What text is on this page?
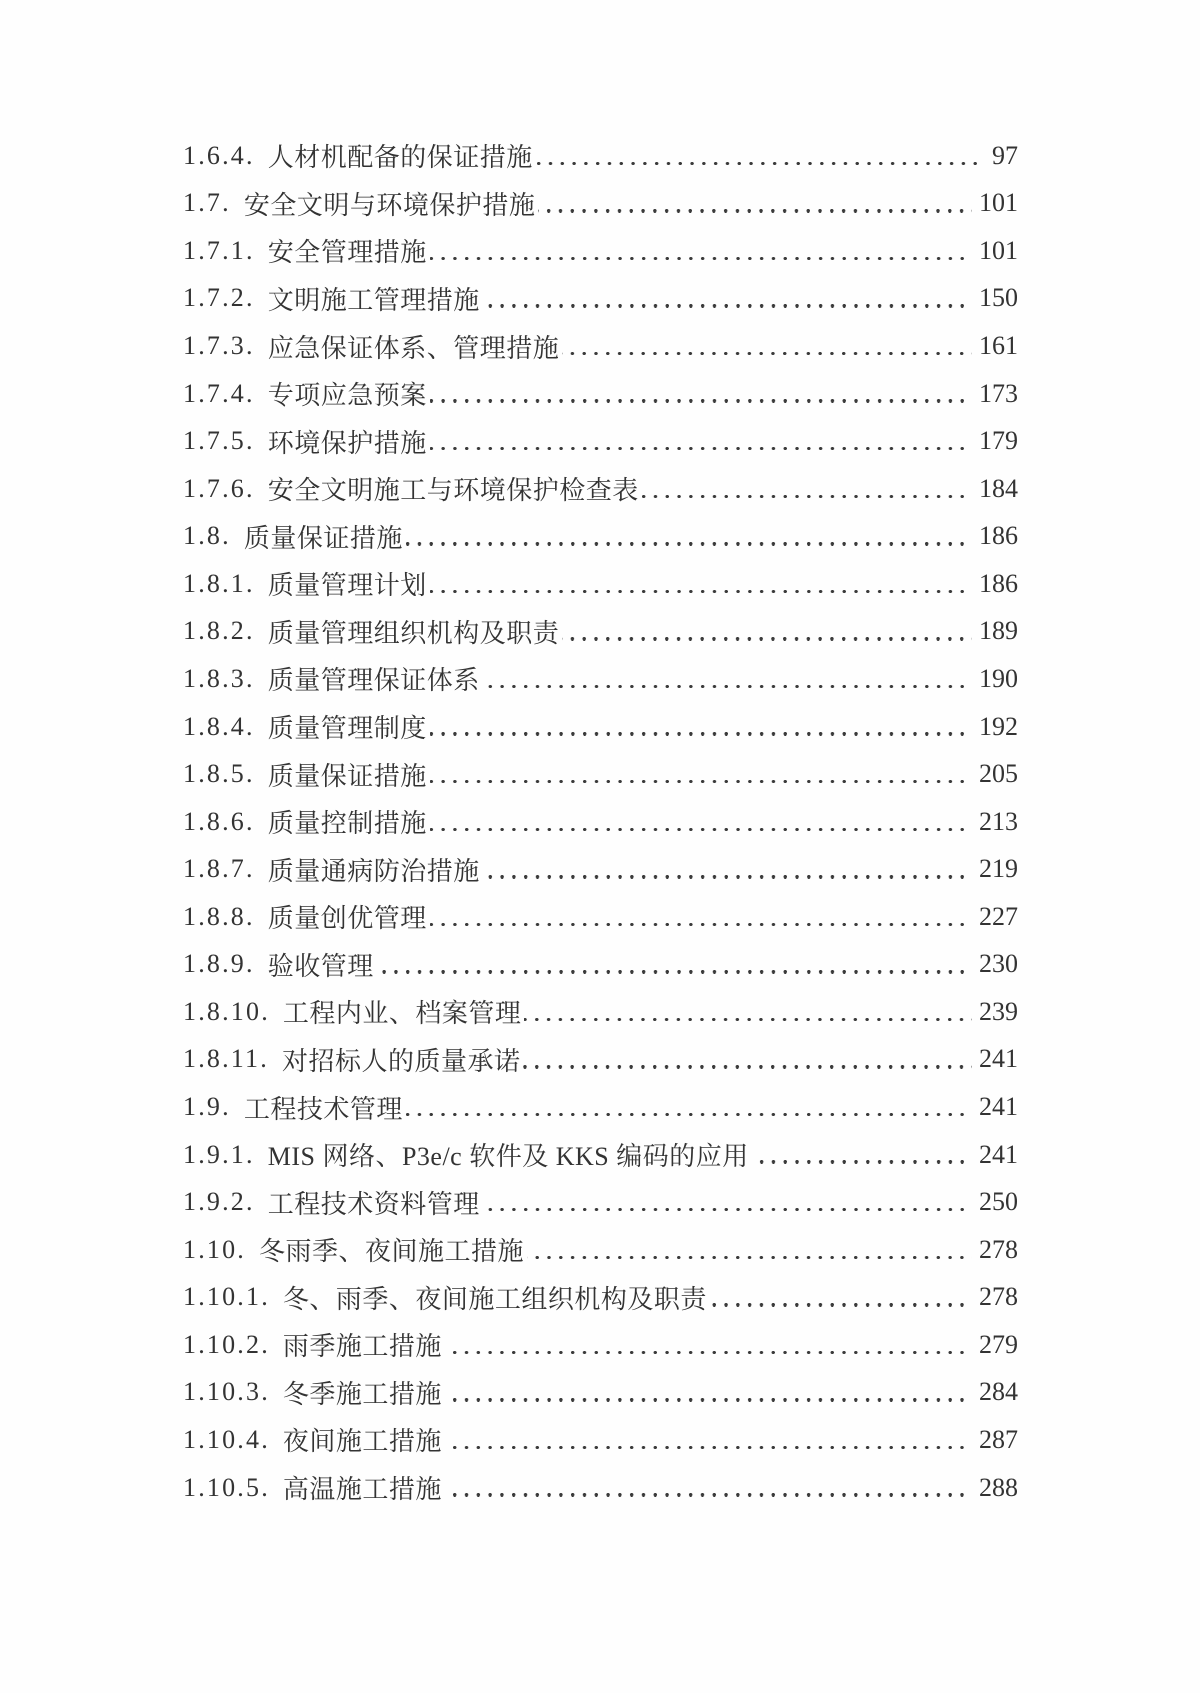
1.6.4. 人材机配备的保证措施	97
1.7. 安全文明与环境保护措施	101
1.7.1. 安全管理措施	101
1.7.2. 文明施工管理措施	150
1.7.3. 应急保证体系、管理措施	161
1.7.4. 专项应急预案	173
1.7.5. 环境保护措施	179
1.7.6. 安全文明施工与环境保护检查表	184
1.8. 质量保证措施	186
1.8.1. 质量管理计划	186
1.8.2. 质量管理组织机构及职责	189
1.8.3. 质量管理保证体系	190
1.8.4. 质量管理制度	192
1.8.5. 质量保证措施	205
1.8.6. 质量控制措施	213
1.8.7. 质量通病防治措施	219
1.8.8. 质量创优管理	227
1.8.9. 验收管理	230
1.8.10. 工程内业、档案管理	239
1.8.11. 对招标人的质量承诺	241
1.9. 工程技术管理	241
1.9.1. MIS 网络、P3e/c 软件及 KKS 编码的应用	241
1.9.2. 工程技术资料管理	250
1.10. 冬雨季、夜间施工措施	278
1.10.1. 冬、雨季、夜间施工组织机构及职责	278
1.10.2. 雨季施工措施	279
1.10.3. 冬季施工措施	284
1.10.4. 夜间施工措施	287
1.10.5. 高温施工措施	288
